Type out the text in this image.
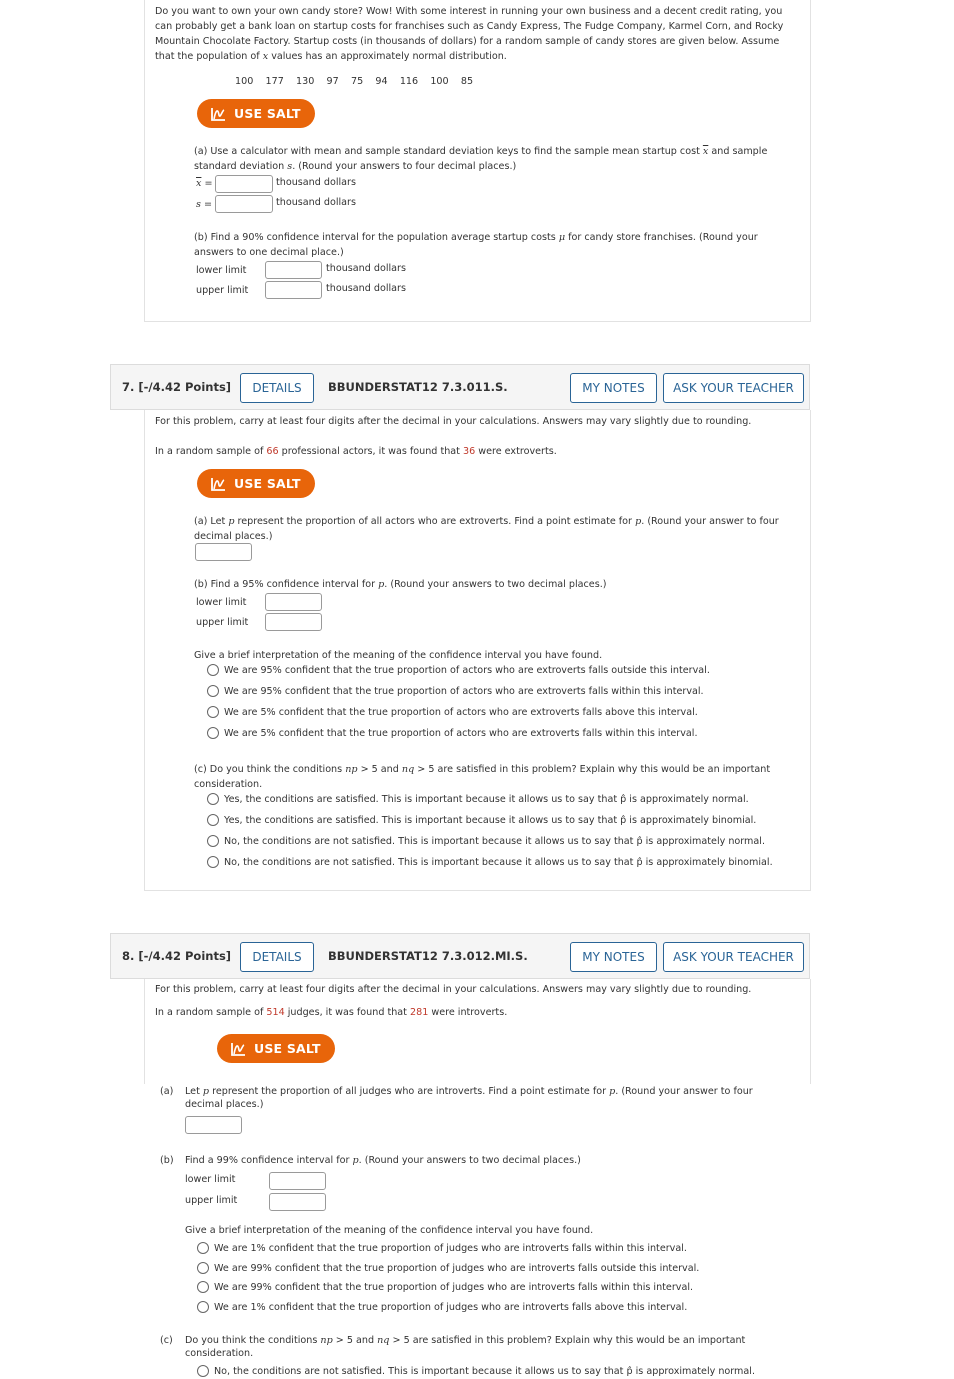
Do you want to own your own candy store? Wow! With some interest in running your own business and a decent credit rating, you
can probably get a bank loan on startup costs for franchises such as Candy Express, The Fudge Company, Karmel Corn, and Rocky
Mountain Chocolate Factory. Startup costs (in thousands of dollars) for a random sample of candy stores are given below. Assume
that the population of x values has an approximately normal distribution.
100 177 130 97 75 94 116 100 85
USE SALT
(a) Use a calculator with mean and sample standard deviation keys to find the sample mean startup cost $\overline{x}$ and sample
standard deviation s. (Round your answers to four decimal places.)
$\overline{x}$ =	thousand dollars
s =	thousand dollars
(b) Find a 90% confidence interval for the population average startup costs μ for candy store franchises. (Round your
answers to one decimal place.)
lower limit	thousand dollars
upper limit	thousand dollars
7. [-/4.42 Points]	DETAILS	BBUNDERSTAT12 7.3.011.S.	MY NOTES	ASK YOUR TEACHER
For this problem, carry at least four digits after the decimal in your calculations. Answers may vary slightly due to rounding.
In a random sample of 66 professional actors, it was found that 36 were extroverts.
USE SALT
(a) Let p represent the proportion of all actors who are extroverts. Find a point estimate for p. (Round your answer to four
decimal places.)
(b) Find a 95% confidence interval for p. (Round your answers to two decimal places.)
lower limit
upper limit
Give a brief interpretation of the meaning of the confidence interval you have found.
We are 95% confident that the true proportion of actors who are extroverts falls outside this interval.
We are 95% confident that the true proportion of actors who are extroverts falls within this interval.
We are 5% confident that the true proportion of actors who are extroverts falls above this interval.
We are 5% confident that the true proportion of actors who are extroverts falls within this interval.
(c) Do you think the conditions np > 5 and nq > 5 are satisfied in this problem? Explain why this would be an important
consideration.
Yes, the conditions are satisfied. This is important because it allows us to say that p̂ is approximately normal.
Yes, the conditions are satisfied. This is important because it allows us to say that p̂ is approximately binomial.
No, the conditions are not satisfied. This is important because it allows us to say that p̂ is approximately normal.
No, the conditions are not satisfied. This is important because it allows us to say that p̂ is approximately binomial.
8. [-/4.42 Points]	DETAILS	BBUNDERSTAT12 7.3.012.MI.S.	MY NOTES	ASK YOUR TEACHER
For this problem, carry at least four digits after the decimal in your calculations. Answers may vary slightly due to rounding.
In a random sample of 514 judges, it was found that 281 were introverts.
USE SALT
(a) Let p represent the proportion of all judges who are introverts. Find a point estimate for p. (Round your answer to four
decimal places.)
(b) Find a 99% confidence interval for p. (Round your answers to two decimal places.)
lower limit
upper limit
Give a brief interpretation of the meaning of the confidence interval you have found.
We are 1% confident that the true proportion of judges who are introverts falls within this interval.
We are 99% confident that the true proportion of judges who are introverts falls outside this interval.
We are 99% confident that the true proportion of judges who are introverts falls within this interval.
We are 1% confident that the true proportion of judges who are introverts falls above this interval.
(c) Do you think the conditions np > 5 and nq > 5 are satisfied in this problem? Explain why this would be an important
consideration.
No, the conditions are not satisfied. This is important because it allows us to say that p̂ is approximately normal.
